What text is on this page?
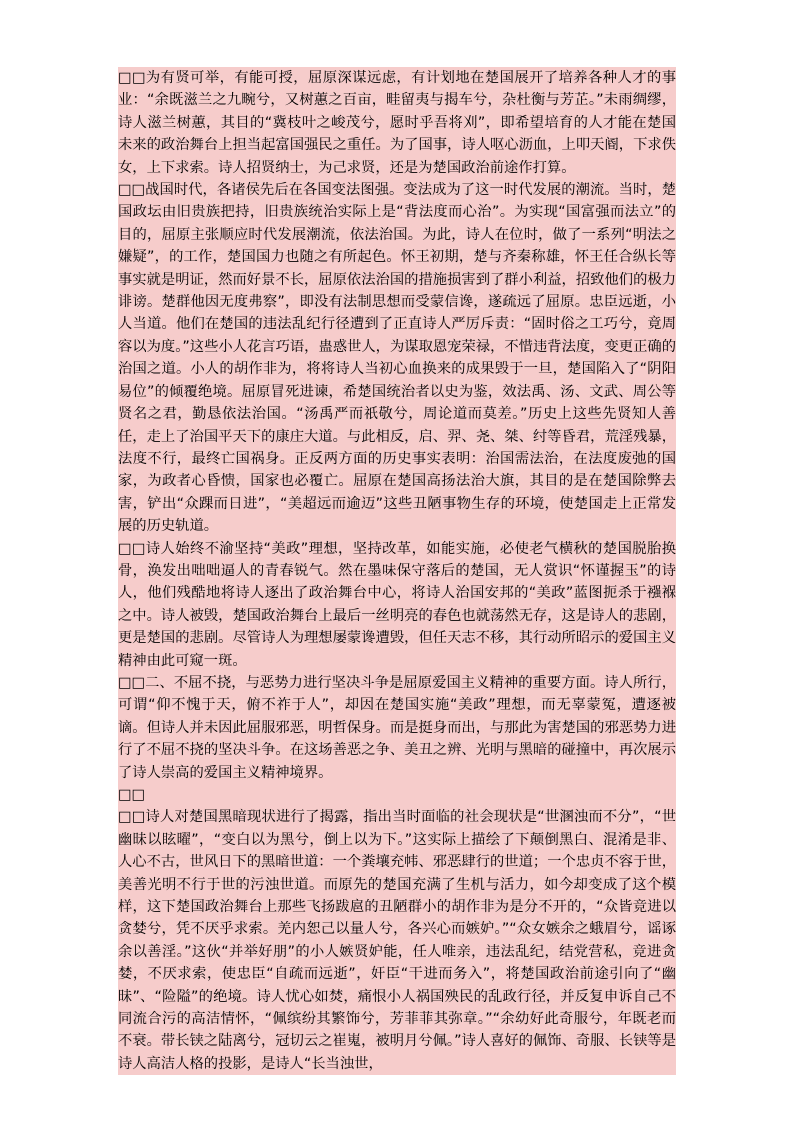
□□为有贤可举，有能可授，屈原深谋远虑，有计划地在楚国展开了培养各种人才的事业：“余既滋兰之九畹兮，又树蕙之百亩，畦留夷与揭车兮，杂杜衡与芳芷。”未雨绸缪，诗人滋兰树蕙，其目的“冀枝叶之峻茂兮，愿时乎吾将刈”，即希望培育的人才能在楚国未来的政治舞台上担当起富国强民之重任。为了国事，诗人呕心沥血，上叩天阍，下求佚女，上下求索。诗人招贤纳士，为己求贤，还是为楚国政治前途作打算。

□□战国时代，各诸侯先后在各国变法图强。变法成为了这一时代发展的潮流。当时，楚国政坛由旧贵族把持，旧贵族统治实际上是“背法度而心治”。为实现“国富强而法立”的目的，屈原主张顺应时代发展潮流，依法治国。为此，诗人在位时，做了一系列“明法之嫌疑”，的工作，楚国国力也随之有所起色。怀王初期，楚与齐秦称雄，怀王任合纵长等事实就是明证，然而好景不长，屈原依法治国的措施损害到了群小利益，招致他们的极力诽谤。楚群他因无度弗察”，即没有法制思想而受蒙信谗，遂疏远了屈原。忠臣远逝，小人当道。他们在楚国的违法乱纪行径遭到了正直诗人严厉斥责：“固时俗之工巧兮，竟周容以为度。”这些小人花言巧语，蛊惑世人，为谋取恩宠荣禄，不惜违背法度，变更正确的治国之道。小人的胡作非为，将将诗人当初心血换来的成果毁于一旦，楚国陷入了“阴阳易位”的倾覆绝境。屈原冒死进谏，希楚国统治者以史为鉴，效法禹、汤、文武、周公等贤名之君，勤恳依法治国。“汤禹严而祇敬兮，周论道而莫差。”历史上这些先贤知人善任，走上了治国平天下的康庄大道。与此相反，启、羿、尧、桀、纣等昏君，荒淫残暴，法度不行，最终亡国祸身。正反两方面的历史事实表明：治国需法治，在法度废弛的国家，为政者心昏愦，国家也必覆亡。屈原在楚国高扬法治大旗，其目的是在楚国除弊去害，铲出“众踝而日进”，“美超远而逾迈”这些丑陋事物生存的环境，使楚国走上正常发展的历史轨道。

□□诗人始终不渝坚持“美政”理想，坚持改革，如能实施，必使老气横秋的楚国脱胎换骨，涣发出咄咄逼人的青春锐气。然在墨味保守落后的楚国，无人赏识“怀谨握玉”的诗人，他们残酷地将诗人逐出了政治舞台中心，将诗人治国安邦的“美政”蓝图扼杀于襁褓之中。诗人被毁，楚国政治舞台上最后一丝明亮的春色也就荡然无存，这是诗人的悲剧，更是楚国的悲剧。尽管诗人为理想屡蒙谗遭毁，但任天志不移，其行动所昭示的爱国主义精神由此可窥一斑。

□□二、不屈不挠，与恶势力进行坚决斗争是屈原爱国主义精神的重要方面。诗人所行，可谓“仰不愧于天，俯不祚于人”，却因在楚国实施“美政”理想，而无辜蒙冤，遭逐被谪。但诗人并未因此屈服邪恶，明哲保身。而是挺身而出，与那此为害楚国的邪恶势力进行了不屈不挠的坚决斗争。在这场善恶之争、美丑之辨、光明与黑暗的碰撞中，再次展示了诗人崇高的爱国主义精神境界。

□□

□□诗人对楚国黑暗现状进行了揭露，指出当时面临的社会现状是“世溷浊而不分”，“世幽昧以眩曜”，“变白以为黑兮，倒上以为下。”这实际上描绘了下颠倒黑白、混淆是非、人心不古，世风日下的黑暗世道：一个粪壤充帏、邪恶肆行的世道；一个忠贞不容于世，美善光明不行于世的污浊世道。而原先的楚国充满了生机与活力，如今却变成了这个模样，这下楚国政治舞台上那些飞扬跋扈的丑陋群小的胡作非为是分不开的，“众皆竞进以贪婪兮，凭不厌乎求索。羌内恕己以量人兮，各兴心而嫉妒。”“众女嫉余之蛾眉兮，谣诼余以善淫。”这伙“并举好朋”的小人嫉贤妒能，任人唯亲，违法乱纪，结党营私，竞进贪婪，不厌求索，使忠臣“自疏而远逝”，奸臣“干进而务入”，将楚国政治前途引向了“幽昧”、“险隘”的绝境。诗人忧心如焚，痛恨小人祸国殃民的乱政行径，并反复申诉自己不同流合污的高洁情怀，“佩缤纷其繁饰兮，芳菲菲其弥章。”“余幼好此奇服兮，年既老而不衰。带长铗之陆离兮，冠切云之崔嵬，被明月兮佩。”诗人喜好的佩饰、奇服、长铗等是诗人高洁人格的投影，是诗人“长当浊世，
